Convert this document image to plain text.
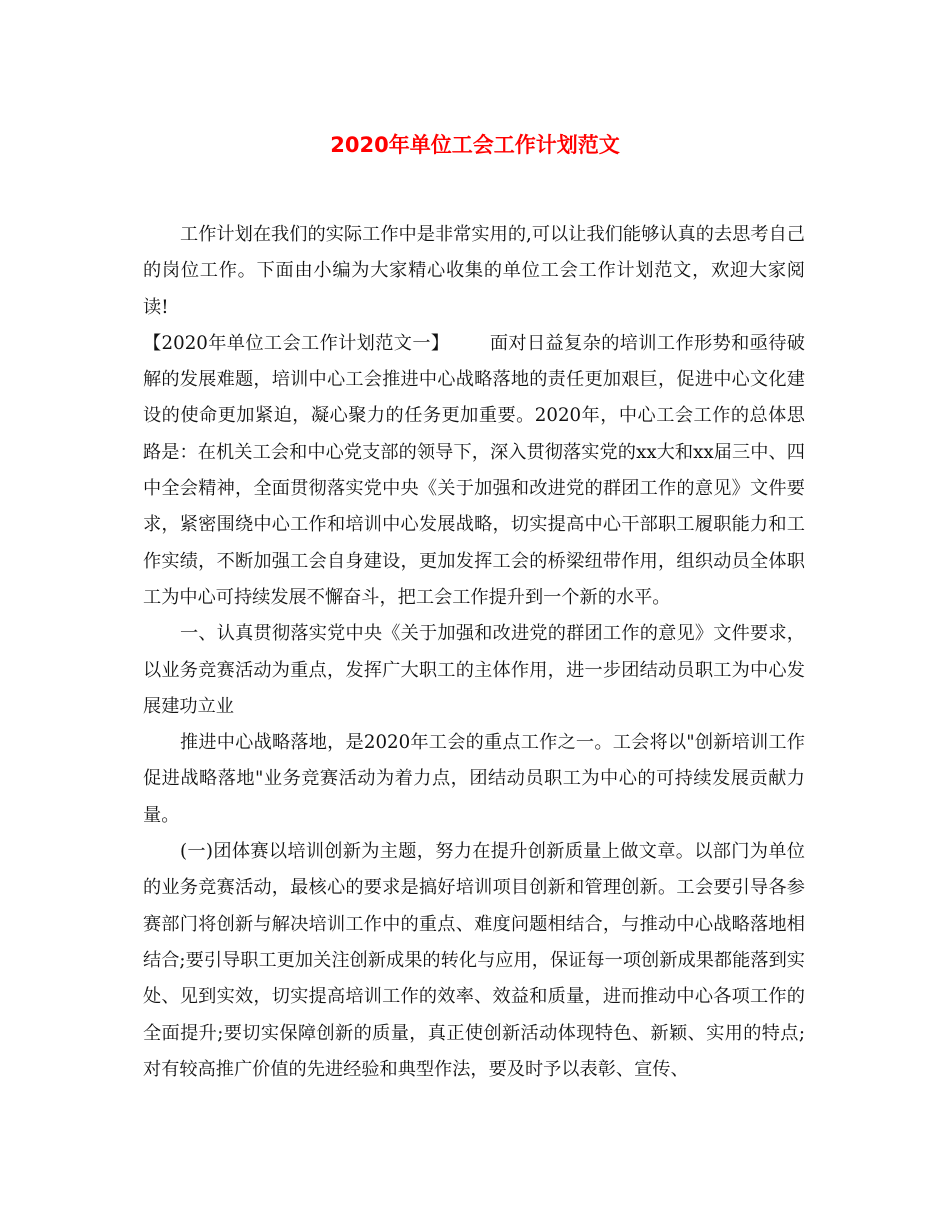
2020年单位工会工作计划范文

工作计划在我们的实际工作中是非常实用的,可以让我们能够认真的去思考自己的岗位工作。下面由小编为大家精心收集的单位工会工作计划范文，欢迎大家阅读!

【2020年单位工会工作计划范文一】 面对日益复杂的培训工作形势和亟待破解的发展难题，培训中心工会推进中心战略落地的责任更加艰巨，促进中心文化建设的使命更加紧迫，凝心聚力的任务更加重要。2020年，中心工会工作的总体思路是：在机关工会和中心党支部的领导下，深入贯彻落实党的xx大和xx届三中、四中全会精神，全面贯彻落实党中央《关于加强和改进党的群团工作的意见》文件要求，紧密围绕中心工作和培训中心发展战略，切实提高中心干部职工履职能力和工作实绩，不断加强工会自身建设，更加发挥工会的桥梁纽带作用，组织动员全体职工为中心可持续发展不懈奋斗，把工会工作提升到一个新的水平。

一、认真贯彻落实党中央《关于加强和改进党的群团工作的意见》文件要求，以业务竞赛活动为重点，发挥广大职工的主体作用，进一步团结动员职工为中心发展建功立业

推进中心战略落地，是2020年工会的重点工作之一。工会将以"创新培训工作促进战略落地"业务竞赛活动为着力点，团结动员职工为中心的可持续发展贡献力量。

(一)团体赛以培训创新为主题，努力在提升创新质量上做文章。以部门为单位的业务竞赛活动，最核心的要求是搞好培训项目创新和管理创新。工会要引导各参赛部门将创新与解决培训工作中的重点、难度问题相结合，与推动中心战略落地相结合;要引导职工更加关注创新成果的转化与应用，保证每一项创新成果都能落到实处、见到实效，切实提高培训工作的效率、效益和质量，进而推动中心各项工作的全面提升;要切实保障创新的质量，真正使创新活动体现特色、新颖、实用的特点;对有较高推广价值的先进经验和典型作法，要及时予以表彰、宣传、
